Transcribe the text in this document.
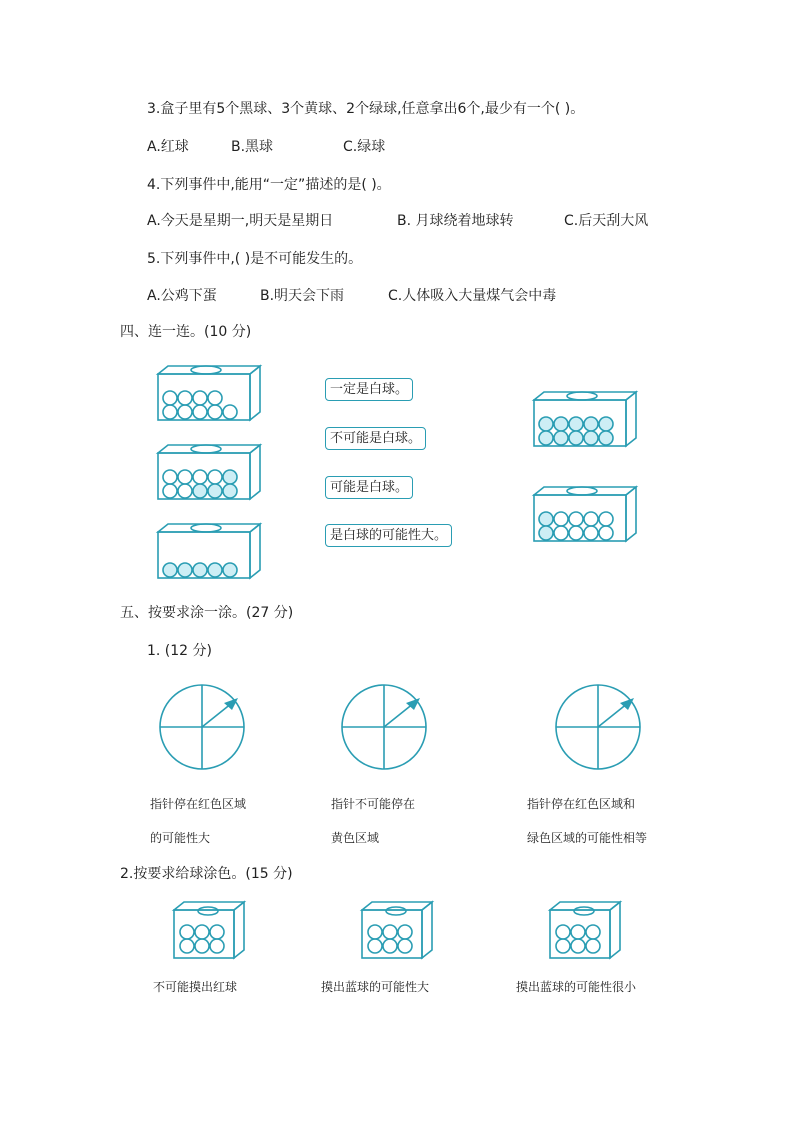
3.盒子里有5个黑球、3个黄球、2个绿球,任意拿出6个,最少有一个( )。
A.红球	B.黑球	C.绿球
4.下列事件中,能用“一定”描述的是( )。
A.今天是星期一,明天是星期日	B. 月球绕着地球转	C.后天刮大风
5.下列事件中,( )是不可能发生的。
A.公鸡下蛋	B.明天会下雨	C.人体吸入大量煤气会中毒
四、连一连。(10 分)
一定是白球。
不可能是白球。
可能是白球。
是白球的可能性大。
五、按要求涂一涂。(27 分)
1. (12 分)
指针停在红色区域
的可能性大
指针不可能停在
黄色区域
指针停在红色区域和
绿色区域的可能性相等
2.按要求给球涂色。(15 分)
不可能摸出红球	摸出蓝球的可能性大	摸出蓝球的可能性很小
